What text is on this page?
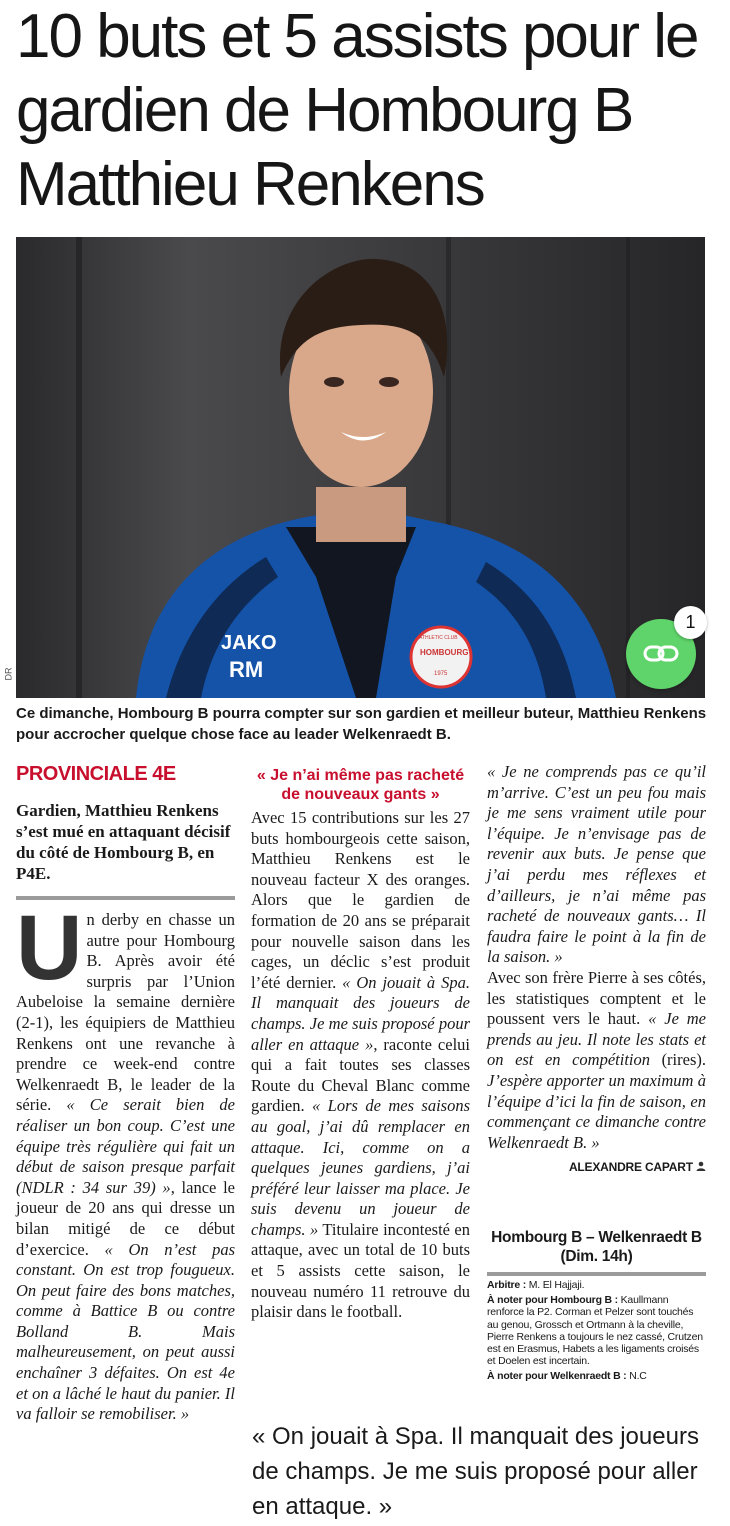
10 buts et 5 assists pour le gardien de Hombourg B Matthieu Renkens
JAKO
RM
ATHLETIC CLUB
HOMBOURG
1975
DR
1

Ce dimanche, Hombourg B pourra compter sur son gardien et meilleur buteur, Matthieu Renkens pour accrocher quelque chose face au leader Welkenraedt B.

PROVINCIALE 4E

Gardien, Matthieu Renkens s’est mué en attaquant décisif du côté de Hombourg B, en P4E.

Un derby en chasse un autre pour Hombourg B. Après avoir été surpris par l’Union Aubeloise la semaine dernière (2-1), les équipiers de Matthieu Renkens ont une revanche à prendre ce week-end contre Welkenraedt B, le leader de la série. « Ce serait bien de réaliser un bon coup. C’est une équipe très régulière qui fait un début de saison presque parfait (NDLR : 34 sur 39) », lance le joueur de 20 ans qui dresse un bilan mitigé de ce début d’exercice. « On n’est pas constant. On est trop fougueux. On peut faire des bons matches, comme à Battice B ou contre Bolland B. Mais malheureusement, on peut aussi enchaîner 3 défaites. On est 4e et on a lâché le haut du panier. Il va falloir se remobiliser. »

« Je n’ai même pas racheté de nouveaux gants »

Avec 15 contributions sur les 27 buts hombourgeois cette saison, Matthieu Renkens est le nouveau facteur X des oranges. Alors que le gardien de formation de 20 ans se préparait pour nouvelle saison dans les cages, un déclic s’est produit l’été dernier. « On jouait à Spa. Il manquait des joueurs de champs. Je me suis proposé pour aller en attaque », raconte celui qui a fait toutes ses classes Route du Cheval Blanc comme gardien. « Lors de mes saisons au goal, j’ai dû remplacer en attaque. Ici, comme on a quelques jeunes gardiens, j’ai préféré leur laisser ma place. Je suis devenu un joueur de champs. » Titulaire incontesté en attaque, avec un total de 10 buts et 5 assists cette saison, le nouveau numéro 11 retrouve du plaisir dans le football.

« Je ne comprends pas ce qu’il m’arrive. C’est un peu fou mais je me sens vraiment utile pour l’équipe. Je n’envisage pas de revenir aux buts. Je pense que j’ai perdu mes réflexes et d’ailleurs, je n’ai même pas racheté de nouveaux gants… Il faudra faire le point à la fin de la saison. »

Avec son frère Pierre à ses côtés, les statistiques comptent et le poussent vers le haut. « Je me prends au jeu. Il note les stats et on est en compétition (rires). J’espère apporter un maximum à l’équipe d’ici la fin de saison, en commençant ce dimanche contre Welkenraedt B. »

ALEXANDRE CAPART

Hombourg B – Welkenraedt B (Dim. 14h)

Arbitre : M. El Hajjaji.

À noter pour Hombourg B : Kaullmann renforce la P2. Corman et Pelzer sont touchés au genou, Grossch et Ortmann à la cheville, Pierre Renkens a toujours le nez cassé, Crutzen est en Erasmus, Habets a les ligaments croisés et Doelen est incertain.

À noter pour Welkenraedt B : N.C

« On jouait à Spa. Il manquait des joueurs de champs. Je me suis proposé pour aller en attaque. »
